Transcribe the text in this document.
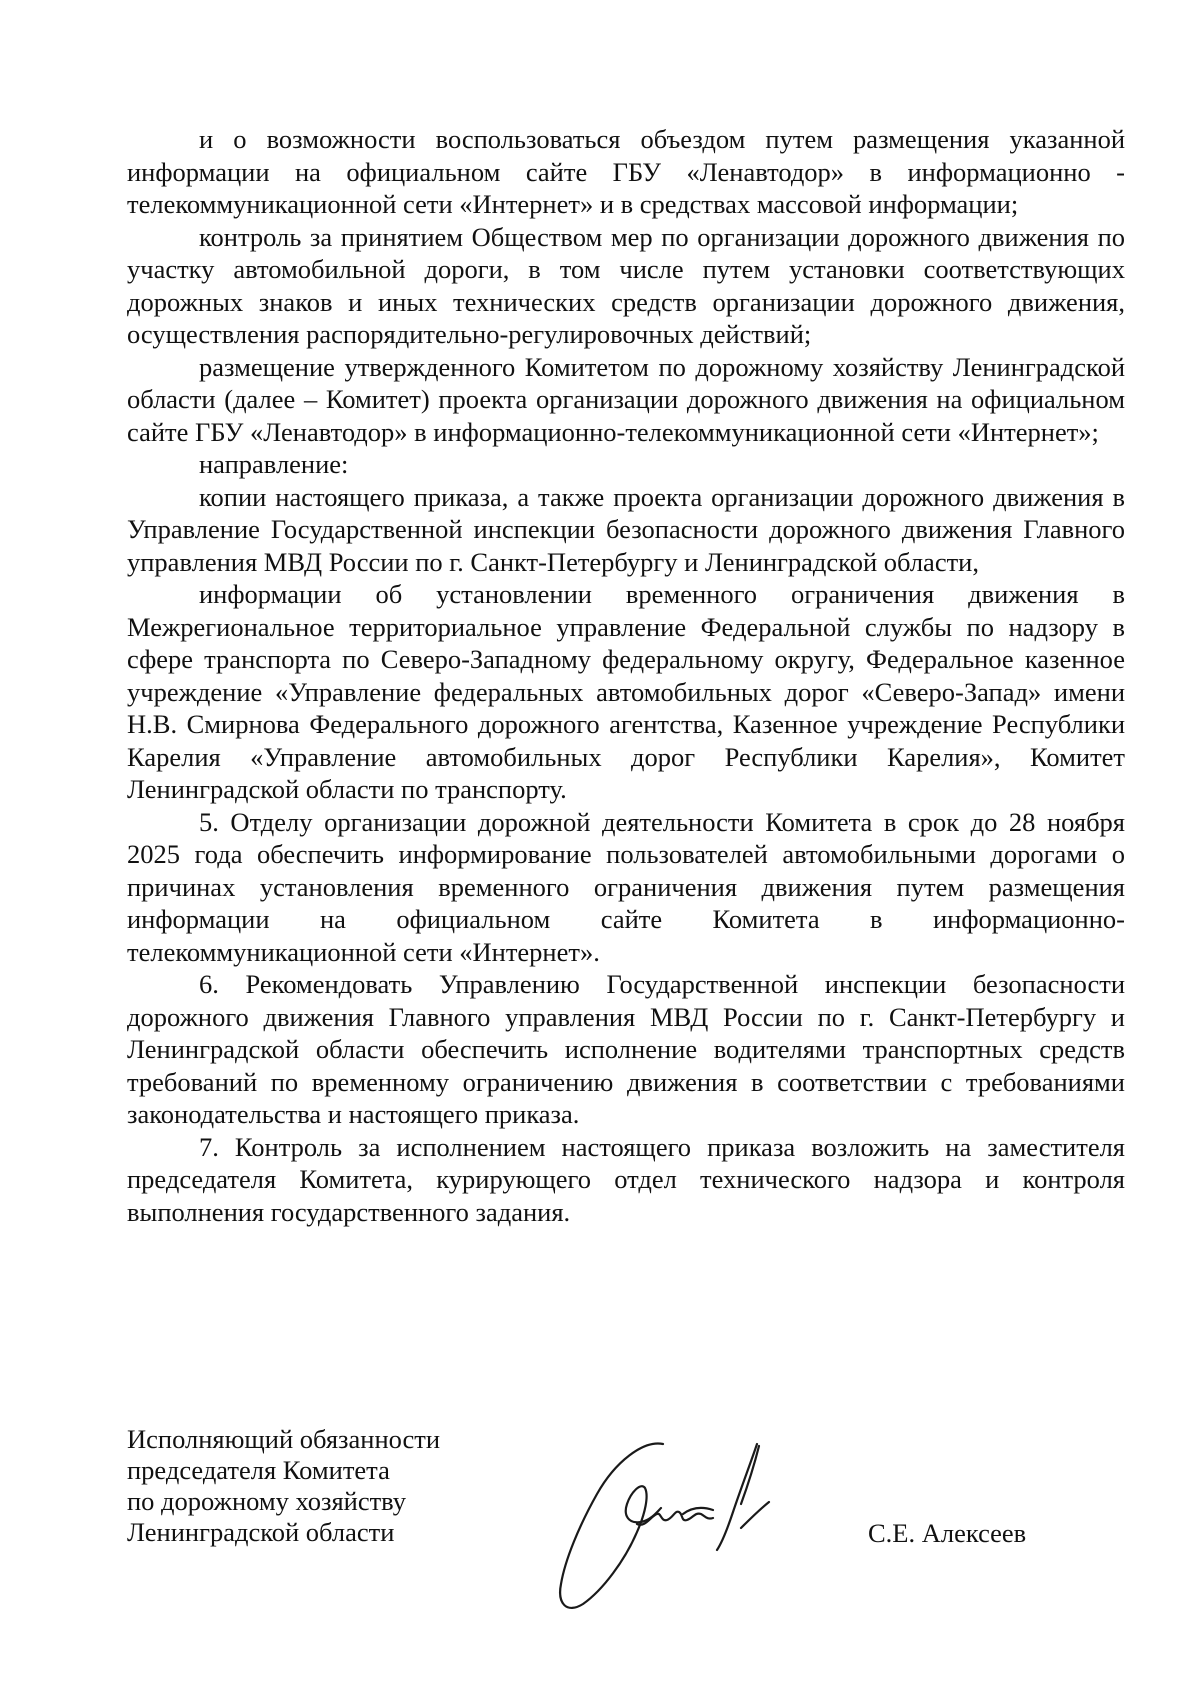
и о возможности воспользоваться объездом путем размещения указанной информации на официальном сайте ГБУ «Ленавтодор» в информационно - телекоммуникационной сети «Интернет» и в средствах массовой информации;

контроль за принятием Обществом мер по организации дорожного движения по участку автомобильной дороги, в том числе путем установки соответствующих дорожных знаков и иных технических средств организации дорожного движения, осуществления распорядительно-регулировочных действий;

размещение утвержденного Комитетом по дорожному хозяйству Ленинградской области (далее – Комитет) проекта организации дорожного движения на официальном сайте ГБУ «Ленавтодор» в информационно-телекоммуникационной сети «Интернет»;

направление:

копии настоящего приказа, а также проекта организации дорожного движения в Управление Государственной инспекции безопасности дорожного движения Главного управления МВД России по г. Санкт-Петербургу и Ленинградской области,

информации об установлении временного ограничения движения в Межрегиональное территориальное управление Федеральной службы по надзору в сфере транспорта по Северо-Западному федеральному округу, Федеральное казенное учреждение «Управление федеральных автомобильных дорог «Северо-Запад» имени Н.В. Смирнова Федерального дорожного агентства, Казенное учреждение Республики Карелия «Управление автомобильных дорог Республики Карелия», Комитет Ленинградской области по транспорту.

5. Отделу организации дорожной деятельности Комитета в срок до 28 ноября 2025 года обеспечить информирование пользователей автомобильными дорогами о причинах установления временного ограничения движения путем размещения информации на официальном сайте Комитета в информационно-телекоммуникационной сети «Интернет».

6. Рекомендовать Управлению Государственной инспекции безопасности дорожного движения Главного управления МВД России по г. Санкт-Петербургу и Ленинградской области обеспечить исполнение водителями транспортных средств требований по временному ограничению движения в соответствии с требованиями законодательства и настоящего приказа.

7. Контроль за исполнением настоящего приказа возложить на заместителя председателя Комитета, курирующего отдел технического надзора и контроля выполнения государственного задания.

Исполняющий обязанности
председателя Комитета
по дорожному хозяйству
Ленинградской области	С.Е. Алексеев
